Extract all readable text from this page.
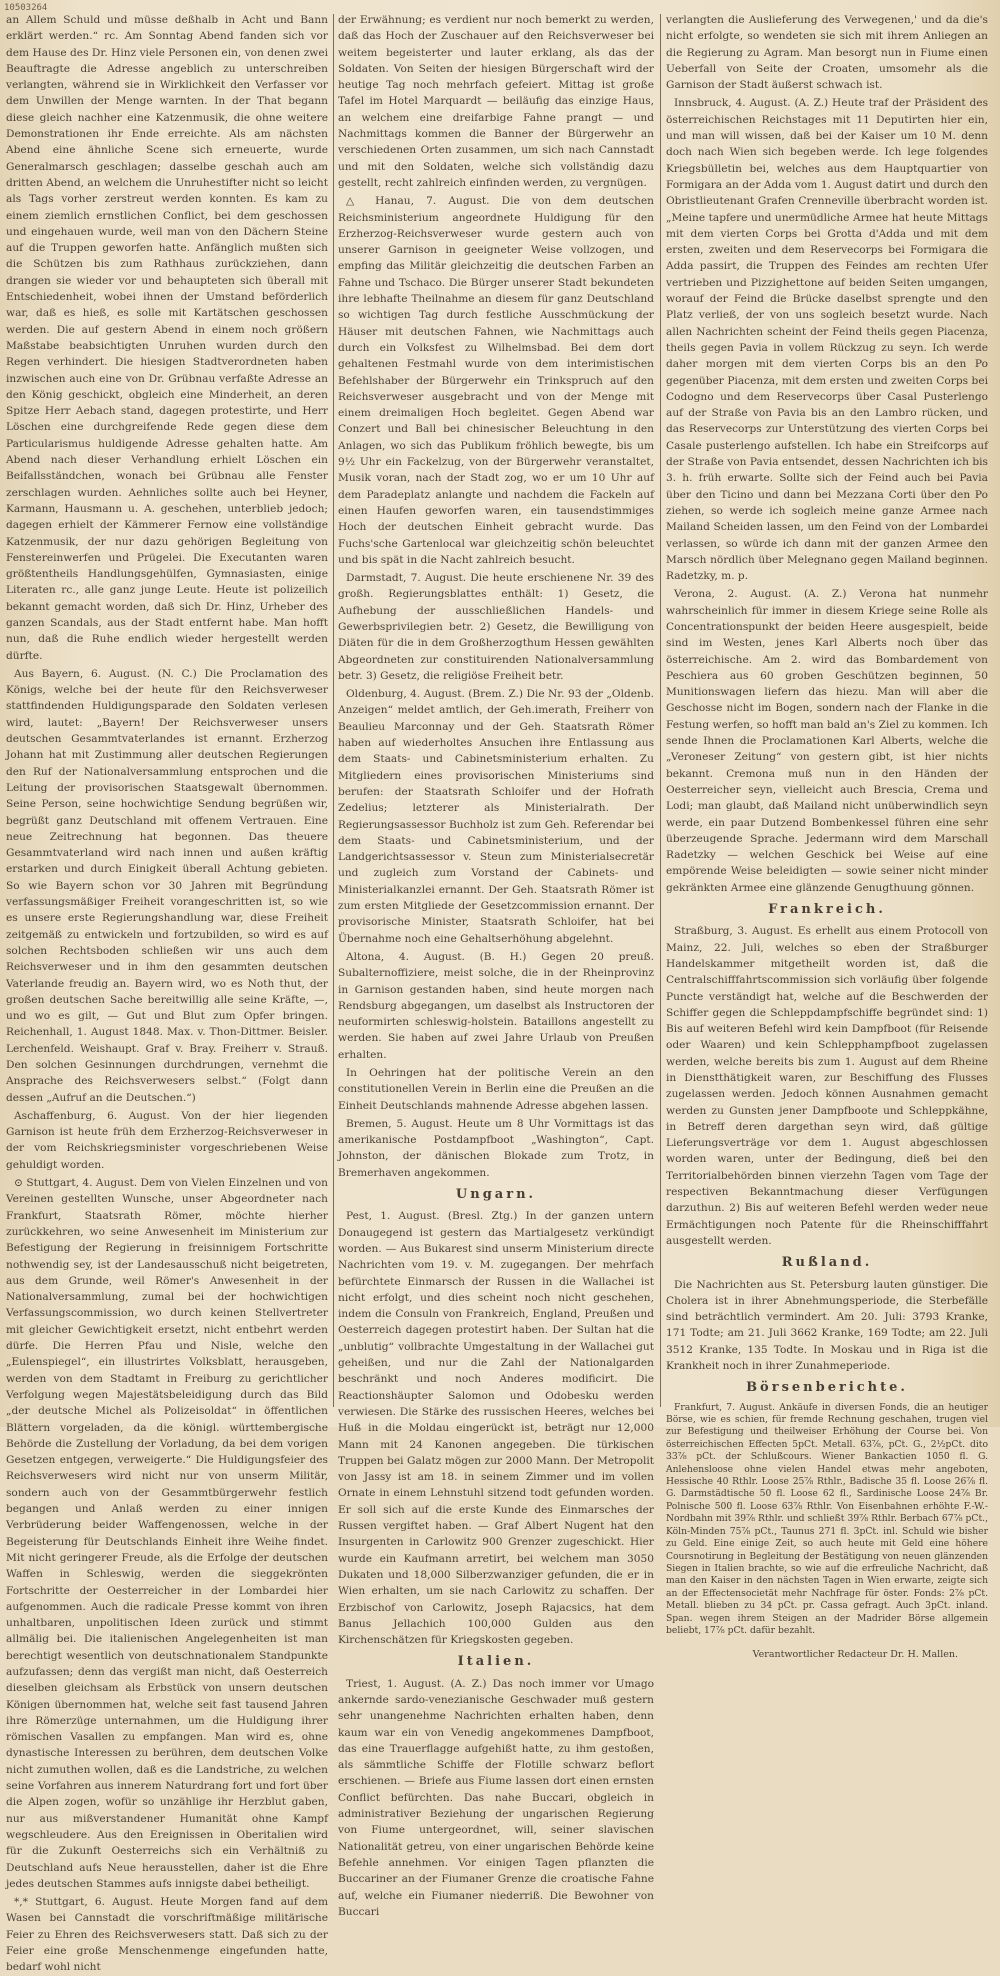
10503264

an Allem Schuld und müsse deßhalb in Acht und Bann erklärt werden.“ rc. Am Sonntag Abend fanden sich vor dem Hause des Dr. Hinz viele Personen ein, von denen zwei Beauftragte die Adresse angeblich zu unterschreiben verlangten, während sie in Wirklichkeit den Verfasser vor dem Unwillen der Menge warnten. In der That begann diese gleich nachher eine Katzenmusik, die ohne weitere Demonstrationen ihr Ende erreichte. Als am nächsten Abend eine ähnliche Scene sich erneuerte, wurde Generalmarsch geschlagen; dasselbe geschah auch am dritten Abend, an welchem die Unruhestifter nicht so leicht als Tags vorher zerstreut werden konnten. Es kam zu einem ziemlich ernstlichen Conflict, bei dem geschossen und eingehauen wurde, weil man von den Dächern Steine auf die Truppen geworfen hatte. Anfänglich mußten sich die Schützen bis zum Rathhaus zurückziehen, dann drangen sie wieder vor und behaupteten sich überall mit Entschiedenheit, wobei ihnen der Umstand beförderlich war, daß es hieß, es solle mit Kartätschen geschossen werden. Die auf gestern Abend in einem noch größern Maßstabe beabsichtigten Unruhen wurden durch den Regen verhindert. Die hiesigen Stadtverordneten haben inzwischen auch eine von Dr. Grübnau verfaßte Adresse an den König geschickt, obgleich eine Minderheit, an deren Spitze Herr Aebach stand, dagegen protestirte, und Herr Löschen eine durchgreifende Rede gegen diese dem Particularismus huldigende Adresse gehalten hatte. Am Abend nach dieser Verhandlung erhielt Löschen ein Beifallsständchen, wonach bei Grübnau alle Fenster zerschlagen wurden. Aehnliches sollte auch bei Heyner, Karmann, Hausmann u. A. geschehen, unterblieb jedoch; dagegen erhielt der Kämmerer Fernow eine vollständige Katzenmusik, der nur dazu gehörigen Begleitung von Fenstereinwerfen und Prügelei. Die Executanten waren größtentheils Handlungsgehülfen, Gymnasiasten, einige Literaten rc., alle ganz junge Leute. Heute ist polizeilich bekannt gemacht worden, daß sich Dr. Hinz, Urheber des ganzen Scandals, aus der Stadt entfernt habe. Man hofft nun, daß die Ruhe endlich wieder hergestellt werden dürfte.

Aus Bayern, 6. August. (N. C.) Die Proclamation des Königs, welche bei der heute für den Reichsverweser stattfindenden Huldigungsparade den Soldaten verlesen wird, lautet: „Bayern! Der Reichsverweser unsers deutschen Gesammtvaterlandes ist ernannt. Erzherzog Johann hat mit Zustimmung aller deutschen Regierungen den Ruf der Nationalversammlung entsprochen und die Leitung der provisorischen Staatsgewalt übernommen. Seine Person, seine hochwichtige Sendung begrüßen wir, begrüßt ganz Deutschland mit offenem Vertrauen. Eine neue Zeitrechnung hat begonnen. Das theuere Gesammtvaterland wird nach innen und außen kräftig erstarken und durch Einigkeit überall Achtung gebieten. So wie Bayern schon vor 30 Jahren mit Begründung verfassungsmäßiger Freiheit vorangeschritten ist, so wie es unsere erste Regierungshandlung war, diese Freiheit zeitgemäß zu entwickeln und fortzubilden, so wird es auf solchen Rechtsboden schließen wir uns auch dem Reichsverweser und in ihm den gesammten deutschen Vaterlande freudig an. Bayern wird, wo es Noth thut, der großen deutschen Sache bereitwillig alle seine Kräfte, —, und wo es gilt, — Gut und Blut zum Opfer bringen. Reichenhall, 1. August 1848. Max. v. Thon-Dittmer. Beisler. Lerchenfeld. Weishaupt. Graf v. Bray. Freiherr v. Strauß. Den solchen Gesinnungen durchdrungen, vernehmt die Ansprache des Reichsverwesers selbst.“ (Folgt dann dessen „Aufruf an die Deutschen.“)

Aschaffenburg, 6. August. Von der hier liegenden Garnison ist heute früh dem Erzherzog-Reichsverweser in der vom Reichskriegsminister vorgeschriebenen Weise gehuldigt worden.

⊙ Stuttgart, 4. August. Dem von Vielen Einzelnen und von Vereinen gestellten Wunsche, unser Abgeordneter nach Frankfurt, Staatsrath Römer, möchte hierher zurückkehren, wo seine Anwesenheit im Ministerium zur Befestigung der Regierung in freisinnigem Fortschritte nothwendig sey, ist der Landesausschuß nicht beigetreten, aus dem Grunde, weil Römer's Anwesenheit in der Nationalversammlung, zumal bei der hochwichtigen Verfassungscommission, wo durch keinen Stellvertreter mit gleicher Gewichtigkeit ersetzt, nicht entbehrt werden dürfe. Die Herren Pfau und Nisle, welche den „Eulenspiegel“, ein illustrirtes Volksblatt, herausgeben, werden von dem Stadtamt in Freiburg zu gerichtlicher Verfolgung wegen Majestätsbeleidigung durch das Bild „der deutsche Michel als Polizeisoldat“ in öffentlichen Blättern vorgeladen, da die königl. württembergische Behörde die Zustellung der Vorladung, da bei dem vorigen Gesetzen entgegen, verweigerte.“ Die Huldigungsfeier des Reichsverwesers wird nicht nur von unserm Militär, sondern auch von der Gesammtbürgerwehr festlich begangen und Anlaß werden zu einer innigen Verbrüderung beider Waffengenossen, welche in der Begeisterung für Deutschlands Einheit ihre Weihe findet. Mit nicht geringerer Freude, als die Erfolge der deutschen Waffen in Schleswig, werden die sieggekrönten Fortschritte der Oesterreicher in der Lombardei hier aufgenommen. Auch die radicale Presse kommt von ihren unhaltbaren, unpolitischen Ideen zurück und stimmt allmälig bei. Die italienischen Angelegenheiten ist man berechtigt wesentlich von deutschnationalem Standpunkte aufzufassen; denn das vergißt man nicht, daß Oesterreich dieselben gleichsam als Erbstück von unsern deutschen Königen übernommen hat, welche seit fast tausend Jahren ihre Römerzüge unternahmen, um die Huldigung ihrer römischen Vasallen zu empfangen. Man wird es, ohne dynastische Interessen zu berühren, dem deutschen Volke nicht zumuthen wollen, daß es die Landstriche, zu welchen seine Vorfahren aus innerem Naturdrang fort und fort über die Alpen zogen, wofür so unzählige ihr Herzblut gaben, nur aus mißverstandener Humanität ohne Kampf wegschleudere. Aus den Ereignissen in Oberitalien wird für die Zukunft Oesterreichs sich ein Verhältniß zu Deutschland aufs Neue herausstellen, daher ist die Ehre jedes deutschen Stammes aufs innigste dabei betheiligt.

*,* Stuttgart, 6. August. Heute Morgen fand auf dem Wasen bei Cannstadt die vorschriftmäßige militärische Feier zu Ehren des Reichsverwesers statt. Daß sich zu der Feier eine große Menschenmenge eingefunden hatte, bedarf wohl nicht

der Erwähnung; es verdient nur noch bemerkt zu werden, daß das Hoch der Zuschauer auf den Reichsverweser bei weitem begeisterter und lauter erklang, als das der Soldaten. Von Seiten der hiesigen Bürgerschaft wird der heutige Tag noch mehrfach gefeiert. Mittag ist große Tafel im Hotel Marquardt — beiläufig das einzige Haus, an welchem eine dreifarbige Fahne prangt — und Nachmittags kommen die Banner der Bürgerwehr an verschiedenen Orten zusammen, um sich nach Cannstadt und mit den Soldaten, welche sich vollständig dazu gestellt, recht zahlreich einfinden werden, zu vergnügen.

△ Hanau, 7. August. Die von dem deutschen Reichsministerium angeordnete Huldigung für den Erzherzog-Reichsverweser wurde gestern auch von unserer Garnison in geeigneter Weise vollzogen, und empfing das Militär gleichzeitig die deutschen Farben an Fahne und Tschaco. Die Bürger unserer Stadt bekundeten ihre lebhafte Theilnahme an diesem für ganz Deutschland so wichtigen Tag durch festliche Ausschmückung der Häuser mit deutschen Fahnen, wie Nachmittags auch durch ein Volksfest zu Wilhelmsbad. Bei dem dort gehaltenen Festmahl wurde von dem interimistischen Befehlshaber der Bürgerwehr ein Trinkspruch auf den Reichsverweser ausgebracht und von der Menge mit einem dreimaligen Hoch begleitet. Gegen Abend war Conzert und Ball bei chinesischer Beleuchtung in den Anlagen, wo sich das Publikum fröhlich bewegte, bis um 9½ Uhr ein Fackelzug, von der Bürgerwehr veranstaltet, Musik voran, nach der Stadt zog, wo er um 10 Uhr auf dem Paradeplatz anlangte und nachdem die Fackeln auf einen Haufen geworfen waren, ein tausendstimmiges Hoch der deutschen Einheit gebracht wurde. Das Fuchs'sche Gartenlocal war gleichzeitig schön beleuchtet und bis spät in die Nacht zahlreich besucht.

Darmstadt, 7. August. Die heute erschienene Nr. 39 des großh. Regierungsblattes enthält: 1) Gesetz, die Aufhebung der ausschließlichen Handels- und Gewerbsprivilegien betr. 2) Gesetz, die Bewilligung von Diäten für die in dem Großherzogthum Hessen gewählten Abgeordneten zur constituirenden Nationalversammlung betr. 3) Gesetz, die religiöse Freiheit betr.

Oldenburg, 4. August. (Brem. Z.) Die Nr. 93 der „Oldenb. Anzeigen“ meldet amtlich, der Geh.imerath, Freiherr von Beaulieu Marconnay und der Geh. Staatsrath Römer haben auf wiederholtes Ansuchen ihre Entlassung aus dem Staats- und Cabinetsministerium erhalten. Zu Mitgliedern eines provisorischen Ministeriums sind berufen: der Staatsrath Schloifer und der Hofrath Zedelius; letzterer als Ministerialrath. Der Regierungsassessor Buchholz ist zum Geh. Referendar bei dem Staats- und Cabinetsministerium, und der Landgerichtsassessor v. Steun zum Ministerialsecretär und zugleich zum Vorstand der Cabinets- und Ministerialkanzlei ernannt. Der Geh. Staatsrath Römer ist zum ersten Mitgliede der Gesetzcommission ernannt. Der provisorische Minister, Staatsrath Schloifer, hat bei Übernahme noch eine Gehaltserhöhung abgelehnt.

Altona, 4. August. (B. H.) Gegen 20 preuß. Subalternoffiziere, meist solche, die in der Rheinprovinz in Garnison gestanden haben, sind heute morgen nach Rendsburg abgegangen, um daselbst als Instructoren der neuformirten schleswig-holstein. Bataillons angestellt zu werden. Sie haben auf zwei Jahre Urlaub von Preußen erhalten.

In Oehringen hat der politische Verein an den constitutionellen Verein in Berlin eine die Preußen an die Einheit Deutschlands mahnende Adresse abgehen lassen.

Bremen, 5. August. Heute um 8 Uhr Vormittags ist das amerikanische Postdampfboot „Washington“, Capt. Johnston, der dänischen Blokade zum Trotz, in Bremerhaven angekommen.

Ungarn.

Pest, 1. August. (Bresl. Ztg.) In der ganzen untern Donaugegend ist gestern das Martialgesetz verkündigt worden. — Aus Bukarest sind unserm Ministerium directe Nachrichten vom 19. v. M. zugegangen. Der mehrfach befürchtete Einmarsch der Russen in die Wallachei ist nicht erfolgt, und dies scheint noch nicht geschehen, indem die Consuln von Frankreich, England, Preußen und Oesterreich dagegen protestirt haben. Der Sultan hat die „unblutig“ vollbrachte Umgestaltung in der Wallachei gut geheißen, und nur die Zahl der Nationalgarden beschränkt und noch Anderes modificirt. Die Reactionshäupter Salomon und Odobesku werden verwiesen. Die Stärke des russischen Heeres, welches bei Huß in die Moldau eingerückt ist, beträgt nur 12,000 Mann mit 24 Kanonen angegeben. Die türkischen Truppen bei Galatz mögen zur 2000 Mann. Der Metropolit von Jassy ist am 18. in seinem Zimmer und im vollen Ornate in einem Lehnstuhl sitzend todt gefunden worden. Er soll sich auf die erste Kunde des Einmarsches der Russen vergiftet haben. — Graf Albert Nugent hat den Insurgenten in Carlowitz 900 Grenzer zugeschickt. Hier wurde ein Kaufmann arretirt, bei welchem man 3050 Dukaten und 18,000 Silberzwanziger gefunden, die er in Wien erhalten, um sie nach Carlowitz zu schaffen. Der Erzbischof von Carlowitz, Joseph Rajacsics, hat dem Banus Jellachich 100,000 Gulden aus den Kirchenschätzen für Kriegskosten gegeben.

Italien.

Triest, 1. August. (A. Z.) Das noch immer vor Umago ankernde sardo-venezianische Geschwader muß gestern sehr unangenehme Nachrichten erhalten haben, denn kaum war ein von Venedig angekommenes Dampfboot, das eine Trauerflagge aufgehißt hatte, zu ihm gestoßen, als sämmtliche Schiffe der Flotille schwarz beflort erschienen. — Briefe aus Fiume lassen dort einen ernsten Conflict befürchten. Das nahe Buccari, obgleich in administrativer Beziehung der ungarischen Regierung von Fiume untergeordnet, will, seiner slavischen Nationalität getreu, von einer ungarischen Behörde keine Befehle annehmen. Vor einigen Tagen pflanzten die Buccariner an der Fiumaner Grenze die croatische Fahne auf, welche ein Fiumaner niederriß. Die Bewohner von Buccari

verlangten die Auslieferung des Verwegenen,' und da die's nicht erfolgte, so wendeten sie sich mit ihrem Anliegen an die Regierung zu Agram. Man besorgt nun in Fiume einen Ueberfall von Seite der Croaten, umsomehr als die Garnison der Stadt äußerst schwach ist.

Innsbruck, 4. August. (A. Z.) Heute traf der Präsident des österreichischen Reichstages mit 11 Deputirten hier ein, und man will wissen, daß bei der Kaiser um 10 M. denn doch nach Wien sich begeben werde. Ich lege folgendes Kriegsbülletin bei, welches aus dem Hauptquartier von Formigara an der Adda vom 1. August datirt und durch den Obristlieutenant Grafen Crenneville überbracht worden ist. „Meine tapfere und unermüdliche Armee hat heute Mittags mit dem vierten Corps bei Grotta d'Adda und mit dem ersten, zweiten und dem Reservecorps bei Formigara die Adda passirt, die Truppen des Feindes am rechten Ufer vertrieben und Pizzighettone auf beiden Seiten umgangen, worauf der Feind die Brücke daselbst sprengte und den Platz verließ, der von uns sogleich besetzt wurde. Nach allen Nachrichten scheint der Feind theils gegen Piacenza, theils gegen Pavia in vollem Rückzug zu seyn. Ich werde daher morgen mit dem vierten Corps bis an den Po gegenüber Piacenza, mit dem ersten und zweiten Corps bei Codogno und dem Reservecorps über Casal Pusterlengo auf der Straße von Pavia bis an den Lambro rücken, und das Reservecorps zur Unterstützung des vierten Corps bei Casale pusterlengo aufstellen. Ich habe ein Streifcorps auf der Straße von Pavia entsendet, dessen Nachrichten ich bis 3. h. früh erwarte. Sollte sich der Feind auch bei Pavia über den Ticino und dann bei Mezzana Corti über den Po ziehen, so werde ich sogleich meine ganze Armee nach Mailand Scheiden lassen, um den Feind von der Lombardei verlassen, so würde ich dann mit der ganzen Armee den Marsch nördlich über Melegnano gegen Mailand beginnen. Radetzky, m. p.

Verona, 2. August. (A. Z.) Verona hat nunmehr wahrscheinlich für immer in diesem Kriege seine Rolle als Concentrationspunkt der beiden Heere ausgespielt, beide sind im Westen, jenes Karl Alberts noch über das österreichische. Am 2. wird das Bombardement von Peschiera aus 60 groben Geschützen beginnen, 50 Munitionswagen liefern das hiezu. Man will aber die Geschosse nicht im Bogen, sondern nach der Flanke in die Festung werfen, so hofft man bald an's Ziel zu kommen. Ich sende Ihnen die Proclamationen Karl Alberts, welche die „Veroneser Zeitung“ von gestern gibt, ist hier nichts bekannt. Cremona muß nun in den Händen der Oesterreicher seyn, vielleicht auch Brescia, Crema und Lodi; man glaubt, daß Mailand nicht unüberwindlich seyn werde, ein paar Dutzend Bombenkessel führen eine sehr überzeugende Sprache. Jedermann wird dem Marschall Radetzky — welchen Geschick bei Weise auf eine empörende Weise beleidigten — sowie seiner nicht minder gekränkten Armee eine glänzende Genugthuung gönnen.

Frankreich.

Straßburg, 3. August. Es erhellt aus einem Protocoll von Mainz, 22. Juli, welches so eben der Straßburger Handelskammer mitgetheilt worden ist, daß die Centralschifffahrtscommission sich vorläufig über folgende Puncte verständigt hat, welche auf die Beschwerden der Schiffer gegen die Schleppdampfschiffe begründet sind: 1) Bis auf weiteren Befehl wird kein Dampfboot (für Reisende oder Waaren) und kein Schlepphampfboot zugelassen werden, welche bereits bis zum 1. August auf dem Rheine in Dienstthätigkeit waren, zur Beschiffung des Flusses zugelassen werden. Jedoch können Ausnahmen gemacht werden zu Gunsten jener Dampfboote und Schleppkähne, in Betreff deren dargethan seyn wird, daß gültige Lieferungsverträge vor dem 1. August abgeschlossen worden waren, unter der Bedingung, dieß bei den Territorialbehörden binnen vierzehn Tagen vom Tage der respectiven Bekanntmachung dieser Verfügungen darzuthun. 2) Bis auf weiteren Befehl werden weder neue Ermächtigungen noch Patente für die Rheinschifffahrt ausgestellt werden.

Rußland.

Die Nachrichten aus St. Petersburg lauten günstiger. Die Cholera ist in ihrer Abnehmungsperiode, die Sterbefälle sind beträchtlich vermindert. Am 20. Juli: 3793 Kranke, 171 Todte; am 21. Juli 3662 Kranke, 169 Todte; am 22. Juli 3512 Kranke, 135 Todte. In Moskau und in Riga ist die Krankheit noch in ihrer Zunahmeperiode.

Börsenberichte.

Frankfurt, 7. August. Ankäufe in diversen Fonds, die an heutiger Börse, wie es schien, für fremde Rechnung geschahen, trugen viel zur Befestigung und theilweiser Erhöhung der Course bei. Von österreichischen Effecten 5pCt. Metall. 63⅞, pCt. G., 2½pCt. dito 33⅞ pCt. der Schlußcours. Wiener Bankactien 1050 fl. G. Anlehensloose ohne vielen Handel etwas mehr angeboten, Hessische 40 Rthlr. Loose 25⅞ Rthlr., Badische 35 fl. Loose 26⅞ fl. G. Darmstädtische 50 fl. Loose 62 fl., Sardinische Loose 24⅞ Br. Polnische 500 fl. Loose 63⅞ Rthlr. Von Eisenbahnen erhöhte F.-W.-Nordbahn mit 39⅞ Rthlr. und schließt 39⅞ Rthlr. Berbach 67⅞ pCt., Köln-Minden 75⅞ pCt., Taunus 271 fl. 3pCt. inl. Schuld wie bisher zu Geld. Eine einige Zeit, so auch heute mit Geld eine höhere Coursnotirung in Begleitung der Bestätigung von neuen glänzenden Siegen in Italien brachte, so wie auf die erfreuliche Nachricht, daß man den Kaiser in den nächsten Tagen in Wien erwarte, zeigte sich an der Effectensocietät mehr Nachfrage für öster. Fonds: 2⅞ pCt. Metall. blieben zu 34 pCt. pr. Cassa gefragt. Auch 3pCt. inland. Span. wegen ihrem Steigen an der Madrider Börse allgemein beliebt, 17⅞ pCt. dafür bezahlt.

Verantwortlicher Redacteur Dr. H. Mallen.
